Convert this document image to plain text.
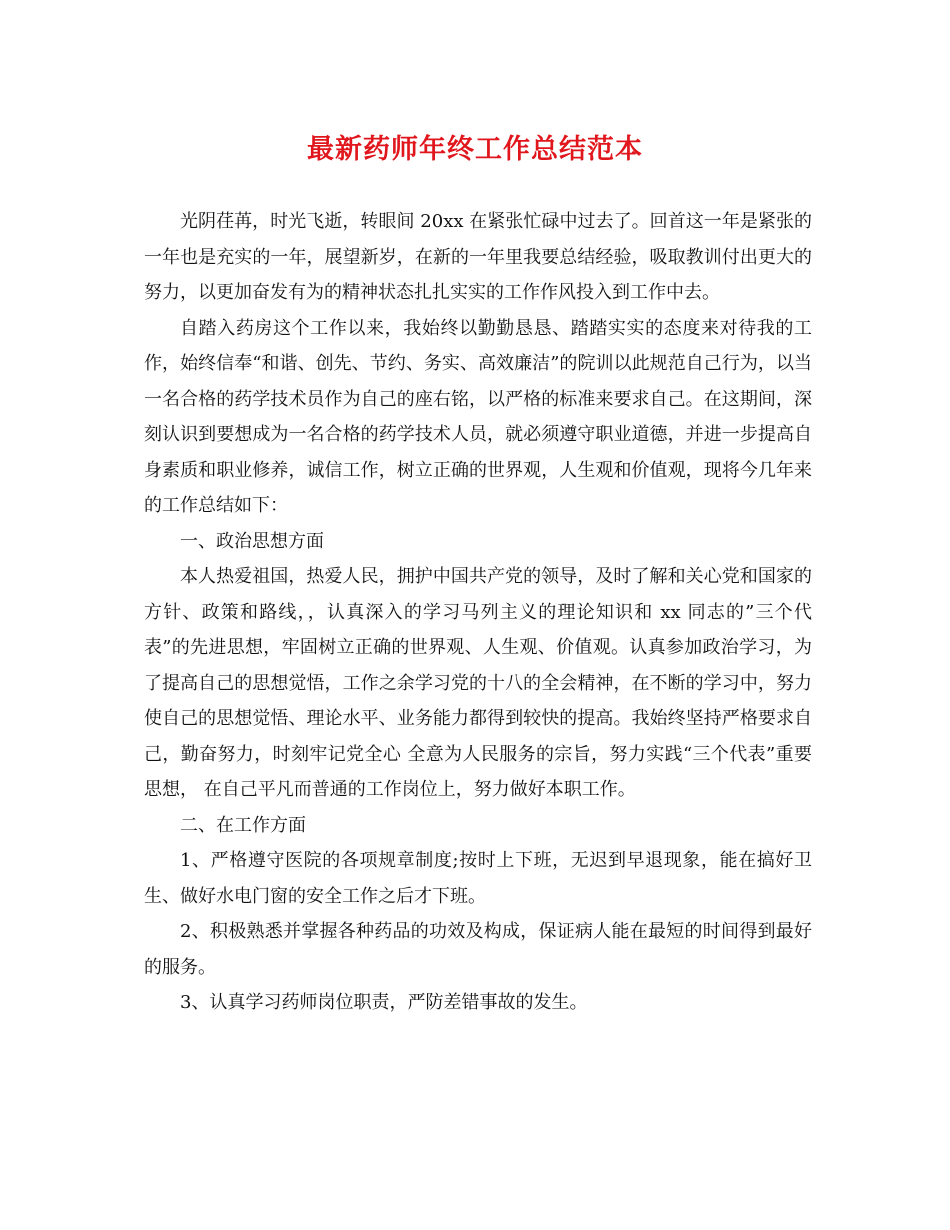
最新药师年终工作总结范本

光阴荏苒，时光飞逝，转眼间 20xx 在紧张忙碌中过去了。回首这一年是紧张的一年也是充实的一年，展望新岁，在新的一年里我要总结经验，吸取教训付出更大的努力，以更加奋发有为的精神状态扎扎实实的工作作风投入到工作中去。

自踏入药房这个工作以来，我始终以勤勤恳恳、踏踏实实的态度来对待我的工作，始终信奉“和谐、创先、节约、务实、高效廉洁”的院训以此规范自己行为，以当一名合格的药学技术员作为自己的座右铭，以严格的标准来要求自己。在这期间，深刻认识到要想成为一名合格的药学技术人员，就必须遵守职业道德，并进一步提高自身素质和职业修养，诚信工作，树立正确的世界观，人生观和价值观，现将今几年来的工作总结如下：

一、政治思想方面

本人热爱祖国，热爱人民，拥护中国共产党的领导，及时了解和关心党和国家的方针、政策和路线，，认真深入的学习马列主义的理论知识和 xx 同志的”三个代表”的先进思想，牢固树立正确的世界观、人生观、价值观。认真参加政治学习，为了提高自己的思想觉悟，工作之余学习党的十八的全会精神，在不断的学习中，努力使自己的思想觉悟、理论水平、业务能力都得到较快的提高。我始终坚持严格要求自己，勤奋努力，时刻牢记党全心 全意为人民服务的宗旨，努力实践“三个代表”重要思想， 在自己平凡而普通的工作岗位上，努力做好本职工作。

二、在工作方面

1、严格遵守医院的各项规章制度;按时上下班，无迟到早退现象，能在搞好卫生、做好水电门窗的安全工作之后才下班。

2、积极熟悉并掌握各种药品的功效及构成，保证病人能在最短的时间得到最好的服务。

3、认真学习药师岗位职责，严防差错事故的发生。
